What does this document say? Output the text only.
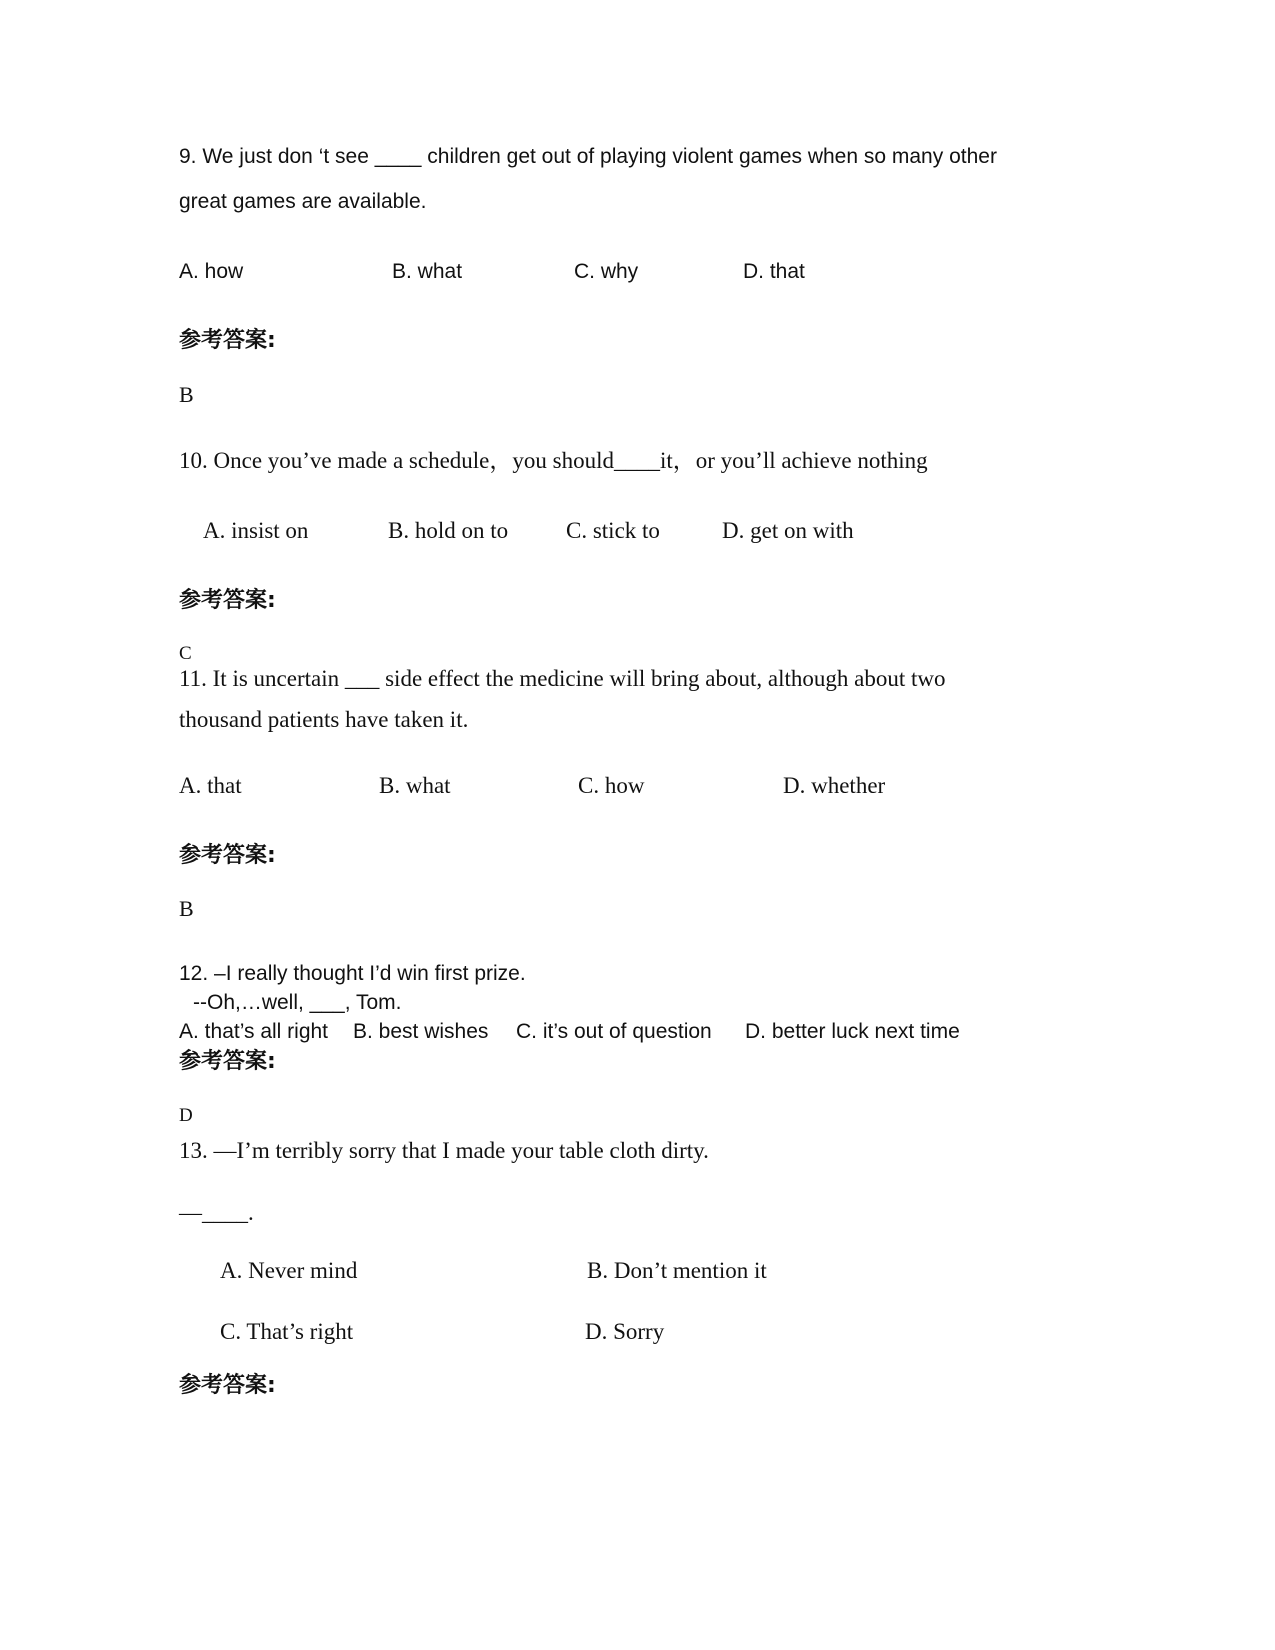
9. We just don ‘t see ____ children get out of playing violent games when so many other
great games are available.
A. how	B. what	C. why	D. that
参考答案:
B
10. Once you’ve made a schedule，you should____it，or you’ll achieve nothing
A. insist on	B. hold on to	C. stick to	D. get on with
参考答案:
C
11. It is uncertain ___ side effect the medicine will bring about, although about two
thousand patients have taken it.
A. that	B. what	C. how	D. whether
参考答案:
B
12. –I really thought I’d win first prize.
--Oh,…well, ___, Tom.
A. that’s all right B. best wishes C. it’s out of question D. better luck next time
参考答案:
D
13. —I’m terribly sorry that I made your table cloth dirty.
—____.
A. Never mind	B. Don’t mention it
C. That’s right	D. Sorry
参考答案:
